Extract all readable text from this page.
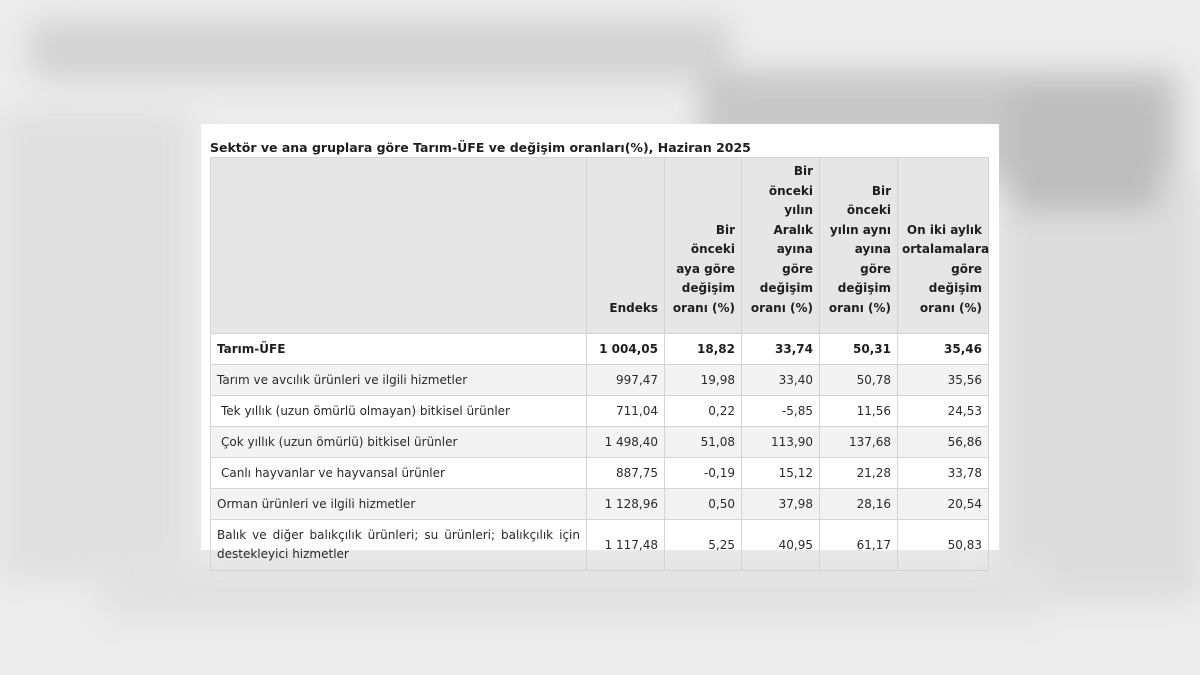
Sektör ve ana gruplara göre Tarım-ÜFE ve değişim oranları(%), Haziran 2025
	Endeks	Bir önceki aya göre değişim oranı (%)	Bir önceki yılın Aralık ayına göre değişim oranı (%)	Bir önceki yılın aynı ayına göre değişim oranı (%)	On iki aylık ortalamalara göre değişim oranı (%)
Tarım-ÜFE	1 004,05	18,82	33,74	50,31	35,46
Tarım ve avcılık ürünleri ve ilgili hizmetler	997,47	19,98	33,40	50,78	35,56
Tek yıllık (uzun ömürlü olmayan) bitkisel ürünler	711,04	0,22	-5,85	11,56	24,53
Çok yıllık (uzun ömürlü) bitkisel ürünler	1 498,40	51,08	113,90	137,68	56,86
Canlı hayvanlar ve hayvansal ürünler	887,75	-0,19	15,12	21,28	33,78
Orman ürünleri ve ilgili hizmetler	1 128,96	0,50	37,98	28,16	20,54
Balık ve diğer balıkçılık ürünleri; su ürünleri; balıkçılık için destekleyici hizmetler	1 117,48	5,25	40,95	61,17	50,83
